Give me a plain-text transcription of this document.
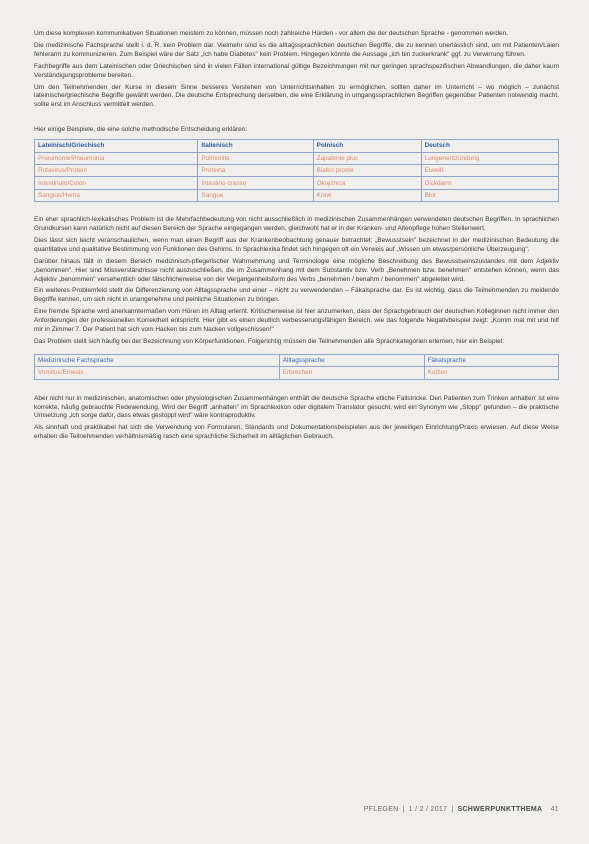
Um diese komplexen kommunikativen Situationen meistern zu können, müssen noch zahlreiche Hürden - vor allem die der deutschen Sprache - genommen werden.

Die medizinische Fachsprache stellt i. d. R. kein Problem dar. Vielmehr sind es die alltagssprachlichen deutschen Begriffe, die zu kennen unerlässlich sind, um mit Patienten/Laien fehlerarm zu kommunizieren. Zum Beispiel wäre der Satz „Ich habe Diabetes" kein Problem. Hingegen könnte die Aussage „ich bin zuckerkrank" ggf. zu Verwirrung führen.

Fachbegriffe aus dem Lateinischen oder Griechischen sind in vielen Fällen international gültige Bezeichnungen mit nur geringen sprachspezifischen Abwandlungen, die daher kaum Verständigungsprobleme bereiten.

Um den Teilnehmenden der Kurse in diesem Sinne besseres Verstehen von Unterrichtsinhalten zu ermöglichen, sollten daher im Unterricht – wo möglich – zunächst lateinische/griechische Begriffe gewählt werden. Die deutsche Entsprechung derselben, die eine Erklärung in umgangssprachlichen Begriffen gegenüber Patienten notwendig macht, sollte erst im Anschluss vermittelt werden.

Hier einige Beispiele, die eine solche methodische Entscheidung erklären:

Lateinisch/Griechisch	Italienisch	Polnisch	Deutsch
Pneumonie/Pneumonia	Polmonite	Zapalenie płuc	Lungenentzündung
Rotavirus/Protein	Proteina	Białko proste	Eiweiß
Intestinum/Colon	Intestino crasso	Okrężnica	Dickdarm
Sangius/Hema	Sangue	Krew	Blut

Ein eher sprachlich-lexikalisches Problem ist die Mehrfachbedeutung von nicht ausschließlich in medizinischen Zusammenhängen verwendeten deutschen Begriffen. In sprachlichen Grundkursen kann natürlich nicht auf diesen Bereich der Sprache eingegangen werden, gleichwohl hat er in der Kranken- und Altenpflege hohen Stellenwert.

Dies lässt sich leicht veranschaulichen, wenn man einen Begriff aus der Krankenbeobachtung genauer betrachtet: „Bewusstsein" bezeichnet in der medizinischen Bedeutung die quantitative und qualitative Bestimmung von Funktionen des Gehirns. In Sprachlexika findet sich hingegen oft ein Verweis auf „Wissen um etwas/persönliche Überzeugung".

Darüber hinaus fällt in diesem Bereich medizinisch-pflegerischer Wahrnehmung und Terminologie eine mögliche Beschreibung des Bewusstseinszustandes mit dem Adjektiv „benommen". Hier sind Missverständnisse nicht auszuschließen, die im Zusammenhang mit dem Substantiv bzw. Verb „Benehmen bzw. benehmen" entstehen können, wenn das Adjektiv „benommen" versehentlich oder fälschlicherweise von der Vergangenheitsform des Verbs „benehmen / benahm / benommen" abgeleitet wird.

Ein weiteres Problemfeld stellt die Differenzierung von Alltagssprache und einer – nicht zu verwendenden – Fäkalsprache dar. Es ist wichtig, dass die Teilnehmenden zu meidende Begriffe kennen, um sich nicht in unangenehme und peinliche Situationen zu bringen.

Eine fremde Sprache wird anerkanntermaßen vom Hören im Alltag erlernt. Kritischerweise ist hier anzumerken, dass der Sprachgebrauch der deutschen Kolleginnen nicht immer den Anforderungen der professionellen Korrektheit entspricht. Hier gibt es einen deutlich verbesserungsfähigen Bereich, wie das folgende Negativbeispiel zeigt: „Komm mal mit und hilf mir in Zimmer 7. Der Patient hat sich vom Hacken bis zum Nacken vollgeschissen!"

Das Problem stellt sich häufig bei der Bezeichnung von Körperfunktionen. Folgerichtig müssen die Teilnehmenden alle Sprachkategorien erlernen, hier ein Beispiel:

Medizinische Fachsprache	Alltagssprache	Fäkalsprache
Vomitus/Emesis	Erbrechen	Kotzen

Aber nicht nur in medizinischen, anatomischen oder physiologischen Zusammenhängen enthält die deutsche Sprache etliche Fallstricke. Den Patienten zum Trinken anhalten' ist eine korrekte, häufig gebrauchte Redewendung. Wird der Begriff „anhalten" im Sprachlexikon oder digitalem Translator gesucht, wird ein Synonym wie „Stopp" gefunden – die praktische Umsetzung „ich sorge dafür, dass etwas gestoppt wird" wäre kontraproduktiv.

Als sinnhaft und praktikabel hat sich die Verwendung von Formularen, Standards und Dokumentationsbeispielen aus der jeweiligen Einrichtung/Praxis erwiesen. Auf diese Weise erhalten die Teilnehmenden verhältnismäßig rasch eine sprachliche Sicherheit im alltäglichen Gebrauch.

PFLEGEN | 1 / 2 / 2017 | SCHWERPUNKTTHEMA 41
